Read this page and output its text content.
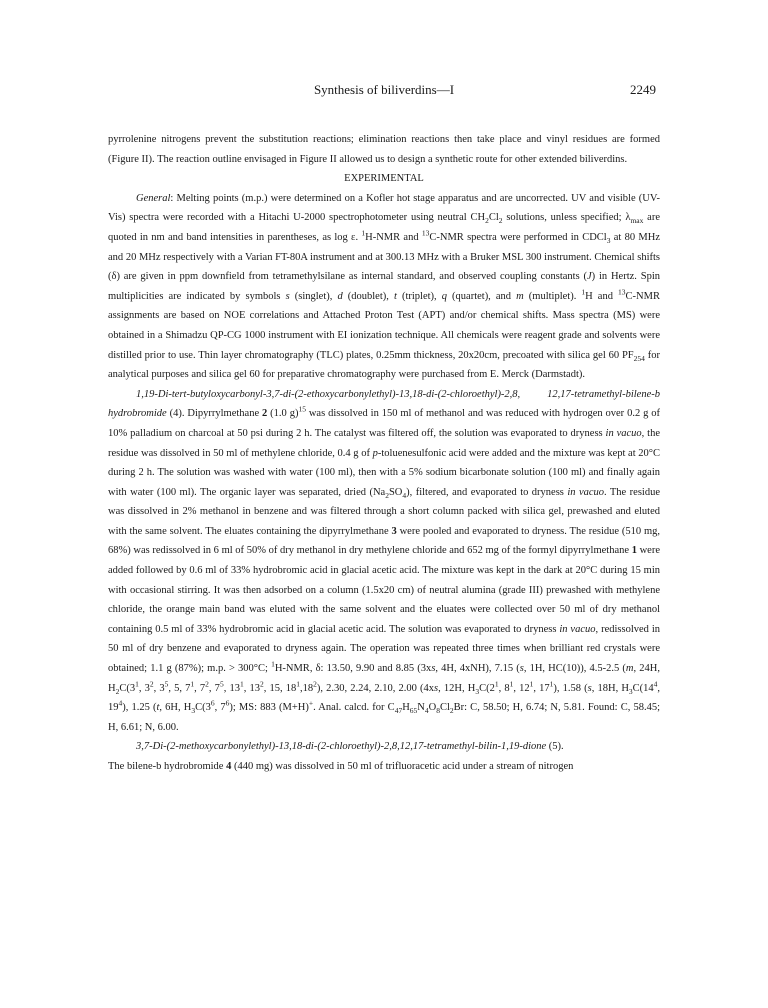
Synthesis of biliverdins—I	2249

pyrrolenine nitrogens prevent the substitution reactions; elimination reactions then take place and vinyl residues are formed (Figure II). The reaction outline envisaged in Figure II allowed us to design a synthetic route for other extended biliverdins.

EXPERIMENTAL

General: Melting points (m.p.) were determined on a Kofler hot stage apparatus and are uncorrected. UV and visible (UV-Vis) spectra were recorded with a Hitachi U-2000 spectrophotometer using neutral $CH_2Cl_2$ solutions, unless specified; $\lambda_{max}$ are quoted in nm and band intensities in parentheses, as log ε. $^1$H-NMR and $^{13}$C-NMR spectra were performed in CDCl$_3$ at 80 MHz and 20 MHz respectively with a Varian FT-80A instrument and at 300.13 MHz with a Bruker MSL 300 instrument. Chemical shifts (δ) are given in ppm downfield from tetramethylsilane as internal standard, and observed coupling constants (J) in Hertz. Spin multiplicities are indicated by symbols s (singlet), d (doublet), t (triplet), q (quartet), and m (multiplet). $^1$H and $^{13}$C-NMR assignments are based on NOE correlations and Attached Proton Test (APT) and/or chemical shifts. Mass spectra (MS) were obtained in a Shimadzu QP-CG 1000 instrument with EI ionization technique. All chemicals were reagent grade and solvents were distilled prior to use. Thin layer chromatography (TLC) plates, 0.25mm thickness, 20x20cm, precoated with silica gel 60 $PF_{254}$ for analytical purposes and silica gel 60 for preparative chromatography were purchased from E. Merck (Darmstadt).

1,19-Di-tert-butyloxycarbonyl-3,7-di-(2-ethoxycarbonylethyl)-13,18-di-(2-chloroethyl)-2,8, 12,17-tetramethyl-bilene-b hydrobromide (4). Dipyrrylmethane 2 (1.0 g)$^{15}$ was dissolved in 150 ml of methanol and was reduced with hydrogen over 0.2 g of 10% palladium on charcoal at 50 psi during 2 h. The catalyst was filtered off, the solution was evaporated to dryness in vacuo, the residue was dissolved in 50 ml of methylene chloride, 0.4 g of p-toluenesulfonic acid were added and the mixture was kept at 20°C during 2 h. The solution was washed with water (100 ml), then with a 5% sodium bicarbonate solution (100 ml) and finally again with water (100 ml). The organic layer was separated, dried $(Na_2SO_4)$, filtered, and evaporated to dryness in vacuo. The residue was dissolved in 2% methanol in benzene and was filtered through a short column packed with silica gel, prewashed and eluted with the same solvent. The eluates containing the dipyrrylmethane 3 were pooled and evaporated to dryness. The residue (510 mg, 68%) was redissolved in 6 ml of 50% of dry methanol in dry methylene chloride and 652 mg of the formyl dipyrrylmethane 1 were added followed by 0.6 ml of 33% hydrobromic acid in glacial acetic acid. The mixture was kept in the dark at 20°C during 15 min with occasional stirring. It was then adsorbed on a column (1.5x20 cm) of neutral alumina (grade III) prewashed with methylene chloride, the orange main band was eluted with the same solvent and the eluates were collected over 50 ml of dry methanol containing 0.5 ml of 33% hydrobromic acid in glacial acetic acid. The solution was evaporated to dryness in vacuo, redissolved in 50 ml of dry benzene and evaporated to dryness again. The operation was repeated three times when brilliant red crystals were obtained; 1.1 g (87%); m.p. > 300°C; $^1$H-NMR, δ: 13.50, 9.90 and 8.85 (3xs, 4H, 4xNH), 7.15 (s, 1H, HC(10)), 4.5-2.5 (m, 24H, $H_2C(3^1$, $3^2$, $3^5$, 5, $7^1$, $7^2$, $7^5$, $13^1$, $13^2$, 15, $18^1,18^2$), 2.30, 2.24, 2.10, 2.00 (4xs, 12H, $H_3C(2^1$, $8^1$, $12^1$, $17^1$), 1.58 (s, 18H, $H_3C(14^4$, $19^4$), 1.25 (t, 6H, $H_3C(3^6$, $7^6$); MS: 883 (M+H)+. Anal. calcd. for $C_{47}H_{65}N_4O_8Cl_2Br$: C, 58.50; H, 6.74; N, 5.81. Found: C, 58.45; H, 6.61; N, 6.00.

3,7-Di-(2-methoxycarbonylethyl)-13,18-di-(2-chloroethyl)-2,8,12,17-tetramethyl-bilin-1,19-dione (5).
The bilene-b hydrobromide 4 (440 mg) was dissolved in 50 ml of trifluoracetic acid under a stream of nitrogen
